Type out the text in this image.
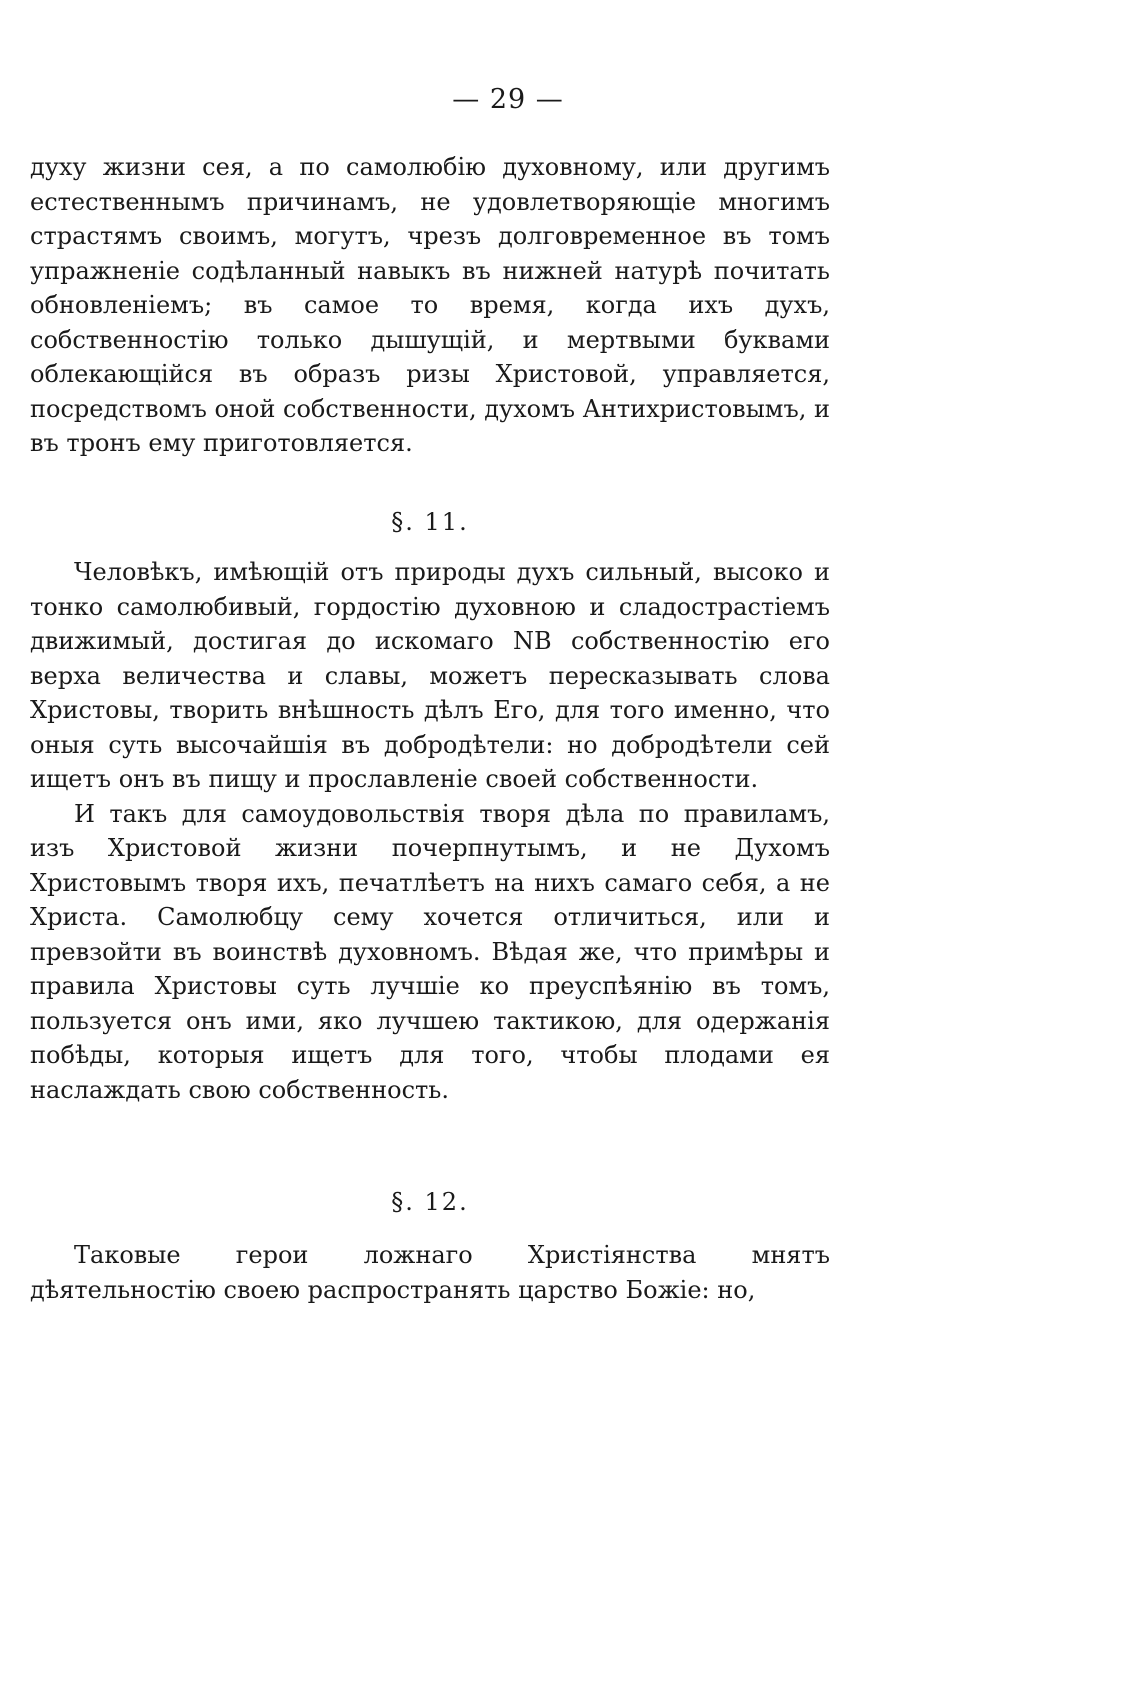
— 29 —

духу жизни сея, а по самолюбію духовному, или другимъ естественнымъ причинамъ, не удовлетворяющіе многимъ страстямъ своимъ, могутъ, чрезъ долговременное въ томъ упражненіе содѣланный навыкъ въ нижней натурѣ почитать обновленіемъ; въ самое то время, когда ихъ духъ, собственностію только дышущій, и мертвыми буквами облекающійся въ образъ ризы Христовой, управляется, посредствомъ оной собственности, духомъ Антихристовымъ, и въ тронъ ему приготовляется.

§. 11.

Человѣкъ, имѣющій отъ природы духъ сильный, высоко и тонко самолюбивый, гордостію духовною и сладострастіемъ движимый, достигая до искомаго NB собственностію его верха величества и славы, можетъ пересказывать слова Христовы, творить внѣшность дѣлъ Его, для того именно, что оныя суть высочайшія въ добродѣтели: но добродѣтели сей ищетъ онъ въ пищу и прославленіе своей собственности.

И такъ для самоудовольствія творя дѣла по правиламъ, изъ Христовой жизни почерпнутымъ, и не Духомъ Христовымъ творя ихъ, печатлѣетъ на нихъ самаго себя, а не Христа. Самолюбцу сему хочется отличиться, или и превзойти въ воинствѣ духовномъ. Вѣдая же, что примѣры и правила Христовы суть лучшіе ко преуспѣянію въ томъ, пользуется онъ ими, яко лучшею тактикою, для одержанія побѣды, которыя ищетъ для того, чтобы плодами ея наслаждать свою собственность.

§. 12.

Таковые герои ложнаго Христіянства мнятъ дѣятельностію своею распространять царство Божіе: но,
